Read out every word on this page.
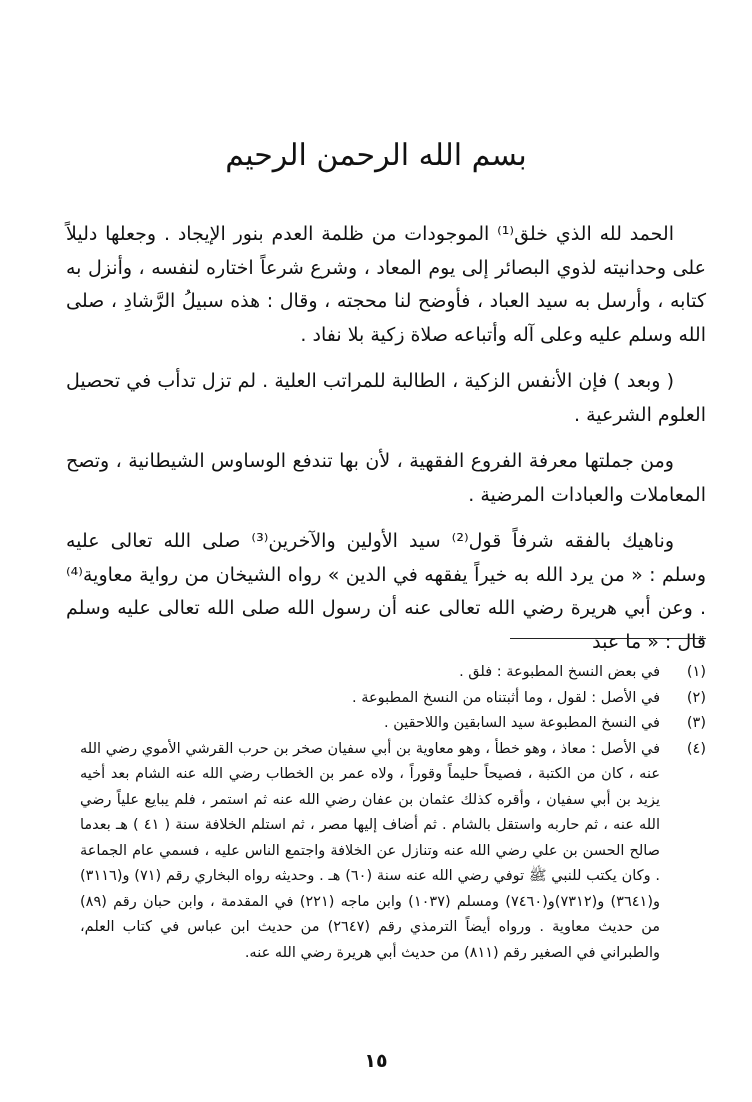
بسم الله الرحمن الرحيم

الحمد لله الذي خلق⁽¹⁾ الموجودات من ظلمة العدم بنور الإيجاد . وجعلها دليلاً على وحدانيته لذوي البصائر إلى يوم المعاد ، وشرع شرعاً اختاره لنفسه ، وأنزل به كتابه ، وأرسل به سيد العباد ، فأوضح لنا محجته ، وقال : هذه سبيلُ الرَّشادِ ، صلى الله وسلم عليه وعلى آله وأتباعه صلاة زكية بلا نفاد .

( وبعد ) فإن الأنفس الزكية ، الطالبة للمراتب العلية . لم تزل تدأب في تحصيل العلوم الشرعية .

ومن جملتها معرفة الفروع الفقهية ، لأن بها تندفع الوساوس الشيطانية ، وتصح المعاملات والعبادات المرضية .

وناهيك بالفقه شرفاً قول⁽²⁾ سيد الأولين والآخرين⁽³⁾ صلى الله تعالى عليه وسلم : « من يرد الله به خيراً يفقهه في الدين » رواه الشيخان من رواية معاوية⁽⁴⁾ . وعن أبي هريرة رضي الله تعالى عنه أن رسول الله صلى الله تعالى عليه وسلم قال : « ما عبد

(١)
في بعض النسخ المطبوعة : فلق .
(٢)
في الأصل : لقول ، وما أثبتناه من النسخ المطبوعة .
(٣)
في النسخ المطبوعة سيد السابقين واللاحقين .
(٤)
في الأصل : معاذ ، وهو خطأ ، وهو معاوية بن أبي سفيان صخر بن حرب القرشي الأموي رضي الله عنه ، كان من الكتبة ، فصيحاً حليماً وقوراً ، ولاه عمر بن الخطاب رضي الله عنه الشام بعد أخيه يزيد بن أبي سفيان ، وأقره كذلك عثمان بن عفان رضي الله عنه ثم استمر ، فلم يبايع علياً رضي الله عنه ، ثم حاربه واستقل بالشام . ثم أضاف إليها مصر ، ثم استلم الخلافة سنة ( ٤١ ) هـ بعدما صالح الحسن بن علي رضي الله عنه وتنازل عن الخلافة واجتمع الناس عليه ، فسمي عام الجماعة . وكان يكتب للنبي ﷺ توفي رضي الله عنه سنة (٦٠) هـ . وحديثه رواه البخاري رقم (٧١) و(٣١١٦) و(٣٦٤١) و(٧٣١٢)و(٧٤٦٠) ومسلم (١٠٣٧) وابن ماجه (٢٢١) في المقدمة ، وابن حبان رقم (٨٩) من حديث معاوية . ورواه أيضاً الترمذي رقم (٢٦٤٧) من حديث ابن عباس في كتاب العلم، والطبراني في الصغير رقم (٨١١) من حديث أبي هريرة رضي الله عنه.
١٥
